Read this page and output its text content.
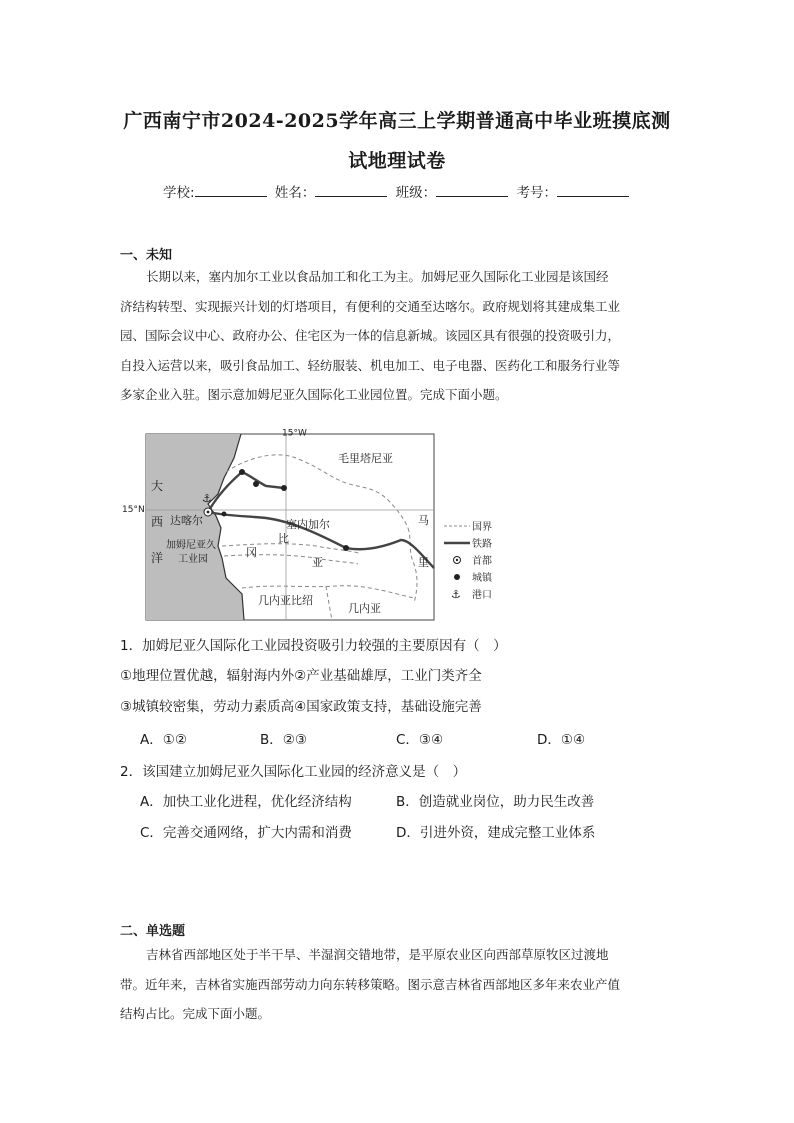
广西南宁市2024-2025学年高三上学期普通高中毕业班摸底测
试地理试卷
学校:	姓名：	班级：	考号：
一、未知
长期以来，塞内加尔工业以食品加工和化工为主。加姆尼亚久国际化工业园是该国经
济结构转型、实现振兴计划的灯塔项目，有便利的交通至达喀尔。政府规划将其建成集工业
园、国际会议中心、政府办公、住宅区为一体的信息新城。该园区具有很强的投资吸引力，
自投入运营以来，吸引食品加工、轻纺服装、机电加工、电子电器、医药化工和服务行业等
多家企业入驻。图示意加姆尼亚久国际化工业园位置。完成下面小题。
⚓
15°W
15°N
大
西
洋
达喀尔
加姆尼亚久
工业园
毛里塔尼亚
塞内加尔
冈
比
亚
马
里
几内亚比绍
几内亚
国界
铁路
首都
城镇
⚓ 港口
1．加姆尼亚久国际化工业园投资吸引力较强的主要原因有（　）
①地理位置优越，辐射海内外②产业基础雄厚，工业门类齐全
③城镇较密集，劳动力素质高④国家政策支持，基础设施完善
A．①②	B．②③	C．③④	D．①④
2．该国建立加姆尼亚久国际化工业园的经济意义是（　）
A．加快工业化进程，优化经济结构	B．创造就业岗位，助力民生改善
C．完善交通网络，扩大内需和消费	D．引进外资，建成完整工业体系
二、单选题
吉林省西部地区处于半干旱、半湿润交错地带，是平原农业区向西部草原牧区过渡地
带。近年来，吉林省实施西部劳动力向东转移策略。图示意吉林省西部地区多年来农业产值
结构占比。完成下面小题。
